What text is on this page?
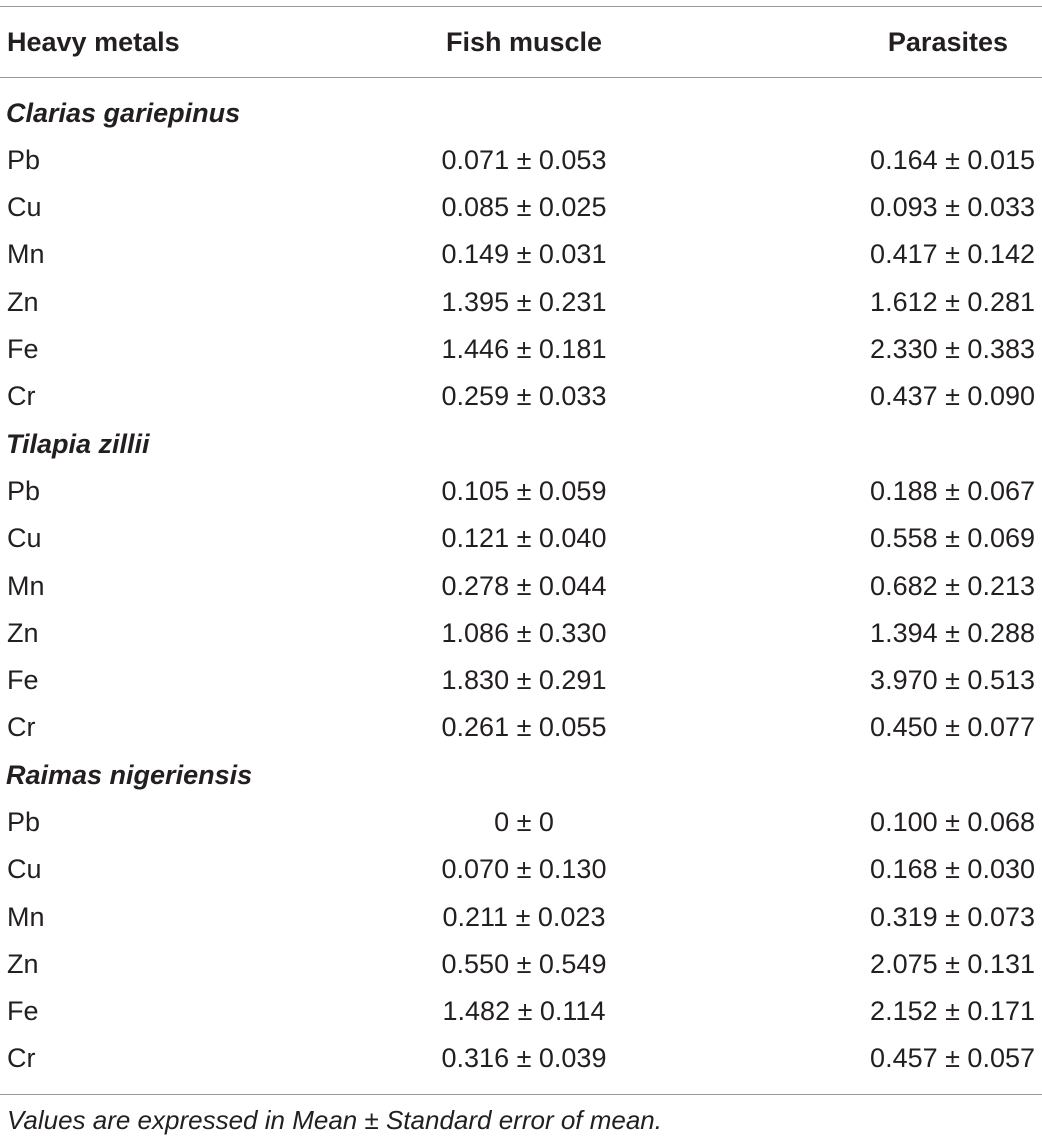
Heavy metals	Fish muscle	Parasites
Clarias gariepinus
Pb	0.071 ± 0.053	0.164 ± 0.015
Cu	0.085 ± 0.025	0.093 ± 0.033
Mn	0.149 ± 0.031	0.417 ± 0.142
Zn	1.395 ± 0.231	1.612 ± 0.281
Fe	1.446 ± 0.181	2.330 ± 0.383
Cr	0.259 ± 0.033	0.437 ± 0.090
Tilapia zillii
Pb	0.105 ± 0.059	0.188 ± 0.067
Cu	0.121 ± 0.040	0.558 ± 0.069
Mn	0.278 ± 0.044	0.682 ± 0.213
Zn	1.086 ± 0.330	1.394 ± 0.288
Fe	1.830 ± 0.291	3.970 ± 0.513
Cr	0.261 ± 0.055	0.450 ± 0.077
Raimas nigeriensis
Pb	0 ± 0	0.100 ± 0.068
Cu	0.070 ± 0.130	0.168 ± 0.030
Mn	0.211 ± 0.023	0.319 ± 0.073
Zn	0.550 ± 0.549	2.075 ± 0.131
Fe	1.482 ± 0.114	2.152 ± 0.171
Cr	0.316 ± 0.039	0.457 ± 0.057
Values are expressed in Mean ± Standard error of mean.
